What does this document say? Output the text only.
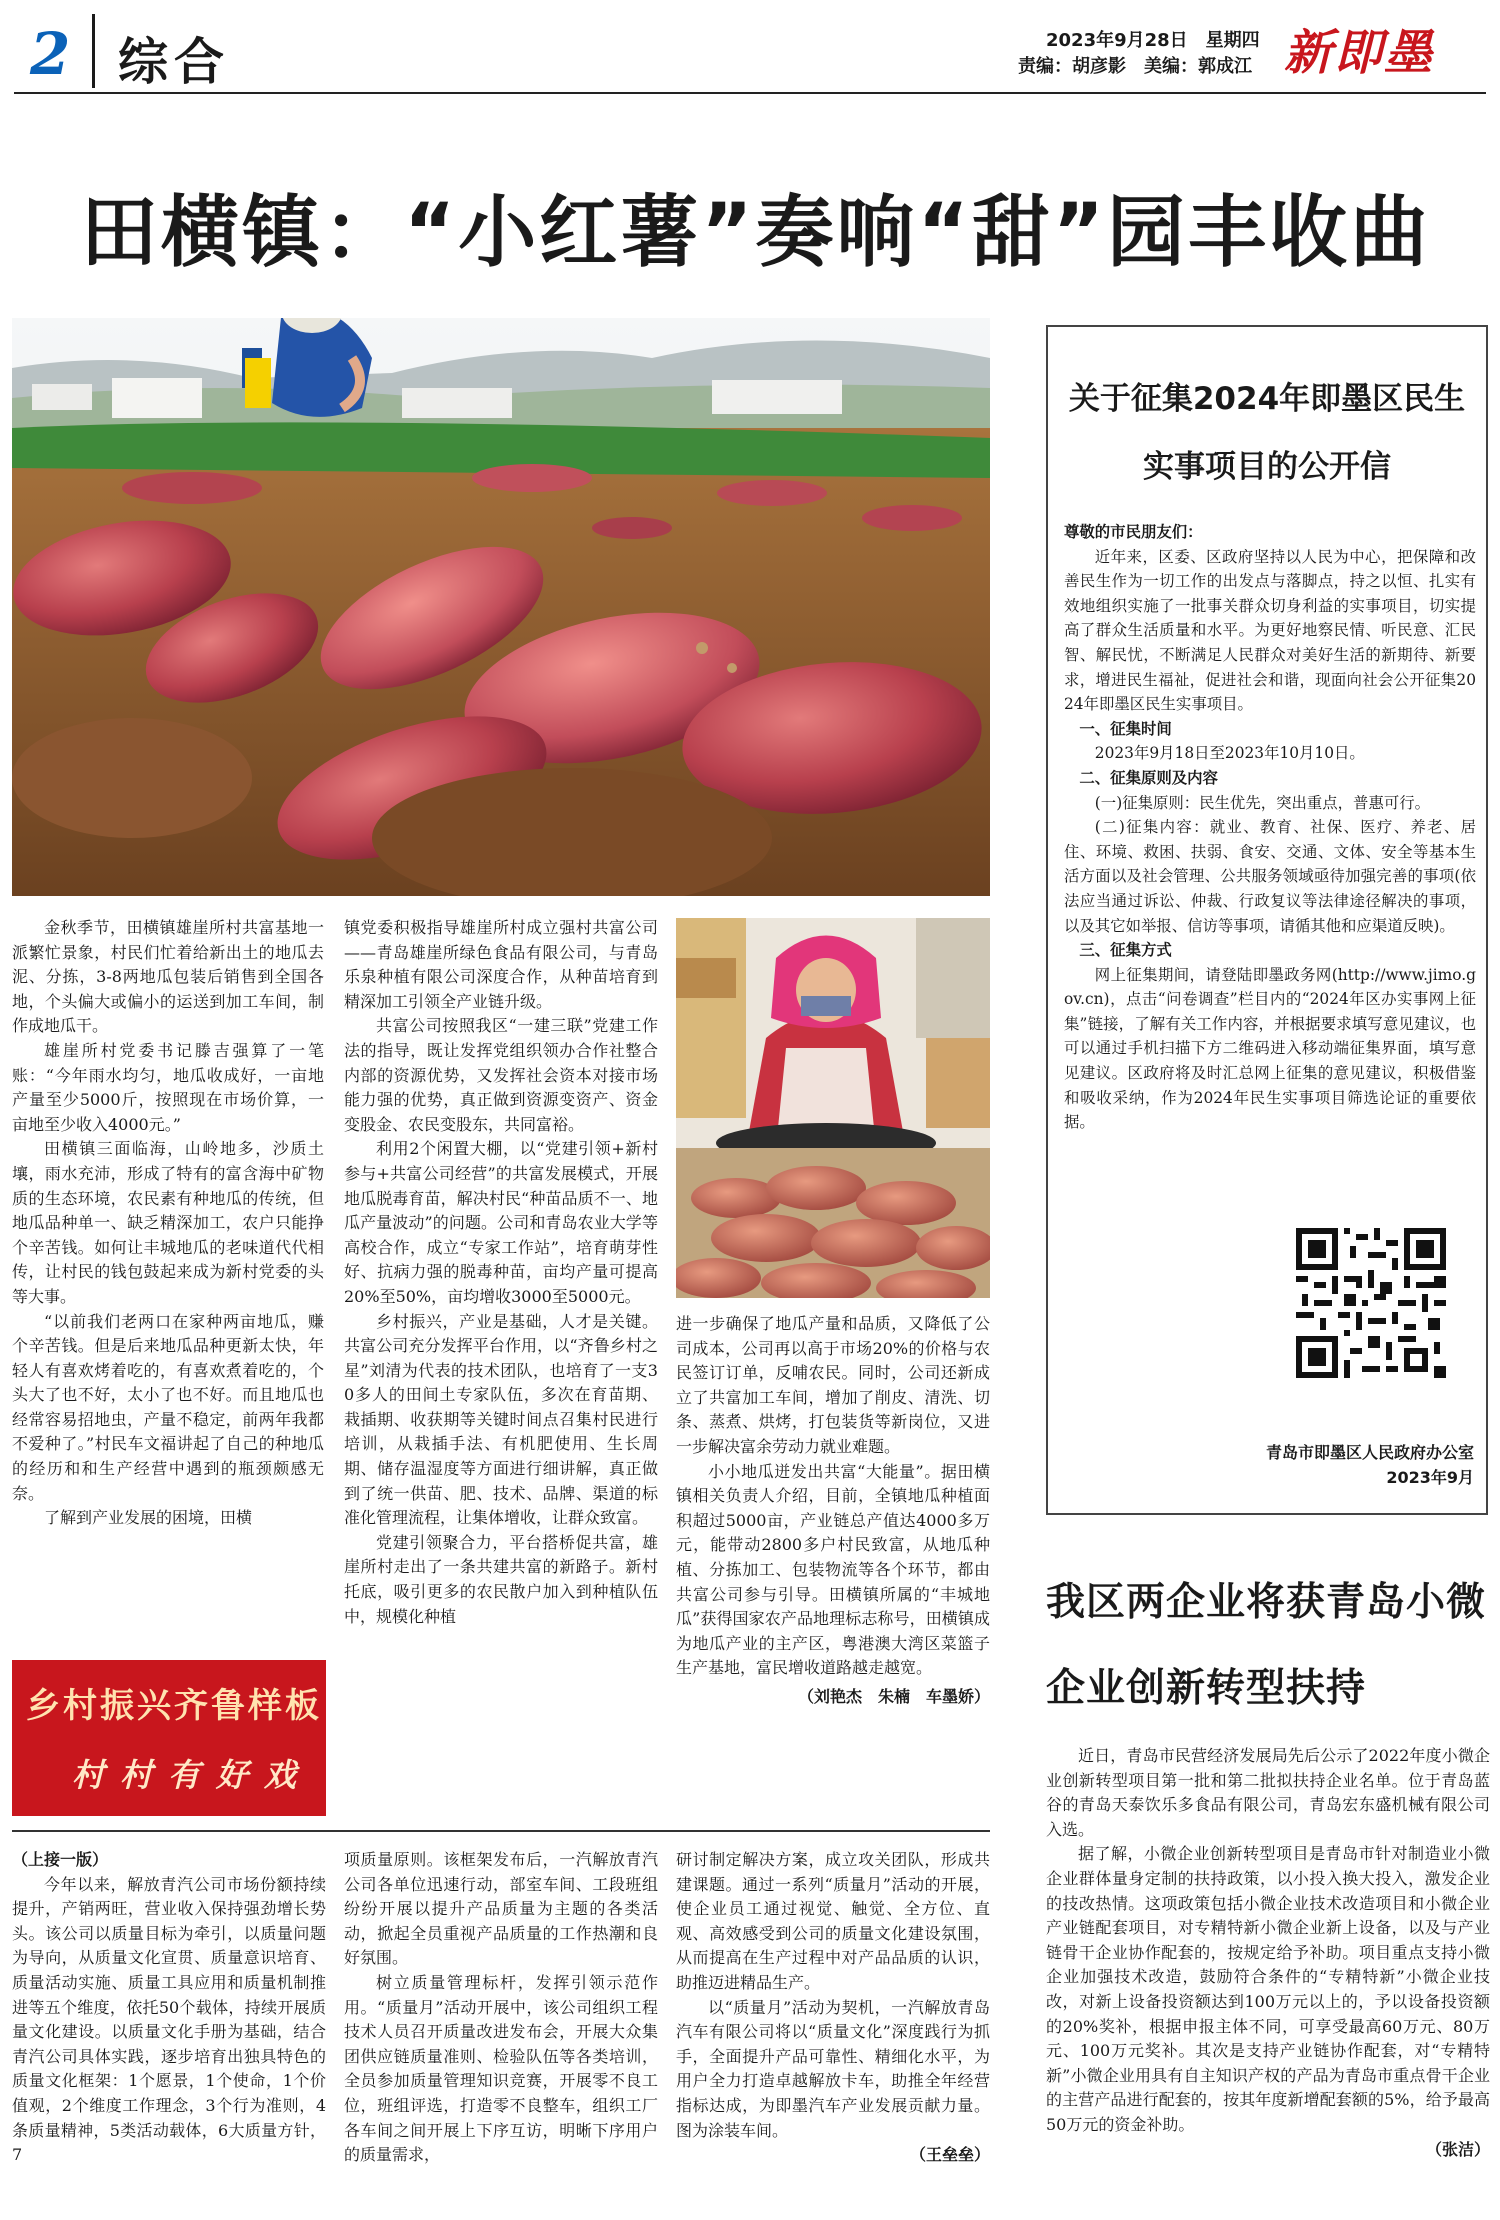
2 综合	2023年9月28日　星期四
责编：胡彦影　美编：郭成江 新即墨
田横镇：“小红薯”奏响“甜”园丰收曲

金秋季节，田横镇雄崖所村共富基地一派繁忙景象，村民们忙着给新出土的地瓜去泥、分拣，3-8两地瓜包装后销售到全国各地，个头偏大或偏小的运送到加工车间，制作成地瓜干。

雄崖所村党委书记滕吉强算了一笔账：“今年雨水均匀，地瓜收成好，一亩地产量至少5000斤，按照现在市场价算，一亩地至少收入4000元。”

田横镇三面临海，山岭地多，沙质土壤，雨水充沛，形成了特有的富含海中矿物质的生态环境，农民素有种地瓜的传统，但地瓜品种单一、缺乏精深加工，农户只能挣个辛苦钱。如何让丰城地瓜的老味道代代相传，让村民的钱包鼓起来成为新村党委的头等大事。

“以前我们老两口在家种两亩地瓜，赚个辛苦钱。但是后来地瓜品种更新太快，年轻人有喜欢烤着吃的，有喜欢煮着吃的，个头大了也不好，太小了也不好。而且地瓜也经常容易招地虫，产量不稳定，前两年我都不爱种了。”村民车文福讲起了自己的种地瓜的经历和和生产经营中遇到的瓶颈颇感无奈。

了解到产业发展的困境，田横

乡村振兴齐鲁样板
村村有好戏

镇党委积极指导雄崖所村成立强村共富公司——青岛雄崖所绿色食品有限公司，与青岛乐泉种植有限公司深度合作，从种苗培育到精深加工引领全产业链升级。

共富公司按照我区“一建三联”党建工作法的指导，既让发挥党组织领办合作社整合内部的资源优势，又发挥社会资本对接市场能力强的优势，真正做到资源变资产、资金变股金、农民变股东，共同富裕。

利用2个闲置大棚，以“党建引领+新村参与+共富公司经营”的共富发展模式，开展地瓜脱毒育苗，解决村民“种苗品质不一、地瓜产量波动”的问题。公司和青岛农业大学等高校合作，成立“专家工作站”，培育萌芽性好、抗病力强的脱毒种苗，亩均产量可提高20%至50%，亩均增收3000至5000元。

乡村振兴，产业是基础，人才是关键。共富公司充分发挥平台作用，以“齐鲁乡村之星”刘清为代表的技术团队，也培育了一支30多人的田间土专家队伍，多次在育苗期、栽插期、收获期等关键时间点召集村民进行培训，从栽插手法、有机肥使用、生长周期、储存温湿度等方面进行细讲解，真正做到了统一供苗、肥、技术、品牌、渠道的标准化管理流程，让集体增收，让群众致富。

党建引领聚合力，平台搭桥促共富，雄崖所村走出了一条共建共富的新路子。新村托底，吸引更多的农民散户加入到种植队伍中，规模化种植

进一步确保了地瓜产量和品质，又降低了公司成本，公司再以高于市场20%的价格与农民签订订单，反哺农民。同时，公司还新成立了共富加工车间，增加了削皮、清洗、切条、蒸煮、烘烤，打包装货等新岗位，又进一步解决富余劳动力就业难题。

小小地瓜迸发出共富“大能量”。据田横镇相关负责人介绍，目前，全镇地瓜种植面积超过5000亩，产业链总产值达4000多万元，能带动2800多户村民致富，从地瓜种植、分拣加工、包装物流等各个环节，都由共富公司参与引导。田横镇所属的“丰城地瓜”获得国家农产品地理标志称号，田横镇成为地瓜产业的主产区，粤港澳大湾区菜篮子生产基地，富民增收道路越走越宽。

（刘艳杰　朱楠　车墨娇）

（上接一版）

今年以来，解放青汽公司市场份额持续提升，产销两旺，营业收入保持强劲增长势头。该公司以质量目标为牵引，以质量问题为导向，从质量文化宣贯、质量意识培育、质量活动实施、质量工具应用和质量机制推进等五个维度，依托50个载体，持续开展质量文化建设。以质量文化手册为基础，结合青汽公司具体实践，逐步培育出独具特色的质量文化框架：1个愿景，1个使命，1个价值观，2个维度工作理念，3个行为准则，4条质量精神，5类活动载体，6大质量方针，7

项质量原则。该框架发布后，一汽解放青汽公司各单位迅速行动，部室车间、工段班组纷纷开展以提升产品质量为主题的各类活动，掀起全员重视产品质量的工作热潮和良好氛围。

树立质量管理标杆，发挥引领示范作用。“质量月”活动开展中，该公司组织工程技术人员召开质量改进发布会，开展大众集团供应链质量准则、检验队伍等各类培训，全员参加质量管理知识竞赛，开展零不良工位，班组评选，打造零不良整车，组织工厂各车间之间开展上下序互访，明晰下序用户的质量需求，

研讨制定解决方案，成立攻关团队，形成共建课题。通过一系列“质量月”活动的开展，使企业员工通过视觉、触觉、全方位、直观、高效感受到公司的质量文化建设氛围，从而提高在生产过程中对产品品质的认识，助推迈进精品生产。

以“质量月”活动为契机，一汽解放青岛汽车有限公司将以“质量文化”深度践行为抓手，全面提升产品可靠性、精细化水平，为用户全力打造卓越解放卡车，助推全年经营指标达成，为即墨汽车产业发展贡献力量。图为涂装车间。

（王垒垒）
关于征集2024年即墨区民生
实事项目的公开信

尊敬的市民朋友们：

近年来，区委、区政府坚持以人民为中心，把保障和改善民生作为一切工作的出发点与落脚点，持之以恒、扎实有效地组织实施了一批事关群众切身利益的实事项目，切实提高了群众生活质量和水平。为更好地察民情、听民意、汇民智、解民忧，不断满足人民群众对美好生活的新期待、新要求，增进民生福祉，促进社会和谐，现面向社会公开征集2024年即墨区民生实事项目。

一、征集时间

2023年9月18日至2023年10月10日。

二、征集原则及内容

(一)征集原则：民生优先，突出重点，普惠可行。

(二)征集内容：就业、教育、社保、医疗、养老、居住、环境、救困、扶弱、食安、交通、文体、安全等基本生活方面以及社会管理、公共服务领域亟待加强完善的事项(依法应当通过诉讼、仲裁、行政复议等法律途径解决的事项，以及其它如举报、信访等事项，请循其他和应渠道反映)。

三、征集方式

网上征集期间，请登陆即墨政务网(http://www.jimo.gov.cn)，点击“问卷调查”栏目内的“2024年区办实事网上征集”链接，了解有关工作内容，并根据要求填写意见建议，也可以通过手机扫描下方二维码进入移动端征集界面，填写意见建议。区政府将及时汇总网上征集的意见建议，积极借鉴和吸收采纳，作为2024年民生实事项目筛选论证的重要依据。

青岛市即墨区人民政府办公室
2023年9月
我区两企业将获青岛小微
企业创新转型扶持

近日，青岛市民营经济发展局先后公示了2022年度小微企业创新转型项目第一批和第二批拟扶持企业名单。位于青岛蓝谷的青岛天泰饮乐多食品有限公司，青岛宏东盛机械有限公司入选。

据了解，小微企业创新转型项目是青岛市针对制造业小微企业群体量身定制的扶持政策，以小投入换大投入，激发企业的技改热情。这项政策包括小微企业技术改造项目和小微企业产业链配套项目，对专精特新小微企业新上设备，以及与产业链骨干企业协作配套的，按规定给予补助。项目重点支持小微企业加强技术改造，鼓励符合条件的“专精特新”小微企业技改，对新上设备投资额达到100万元以上的，予以设备投资额的20%奖补，根据申报主体不同，可享受最高60万元、80万元、100万元奖补。其次是支持产业链协作配套，对“专精特新”小微企业用具有自主知识产权的产品为青岛市重点骨干企业的主营产品进行配套的，按其年度新增配套额的5%，给予最高50万元的资金补助。

（张洁）
